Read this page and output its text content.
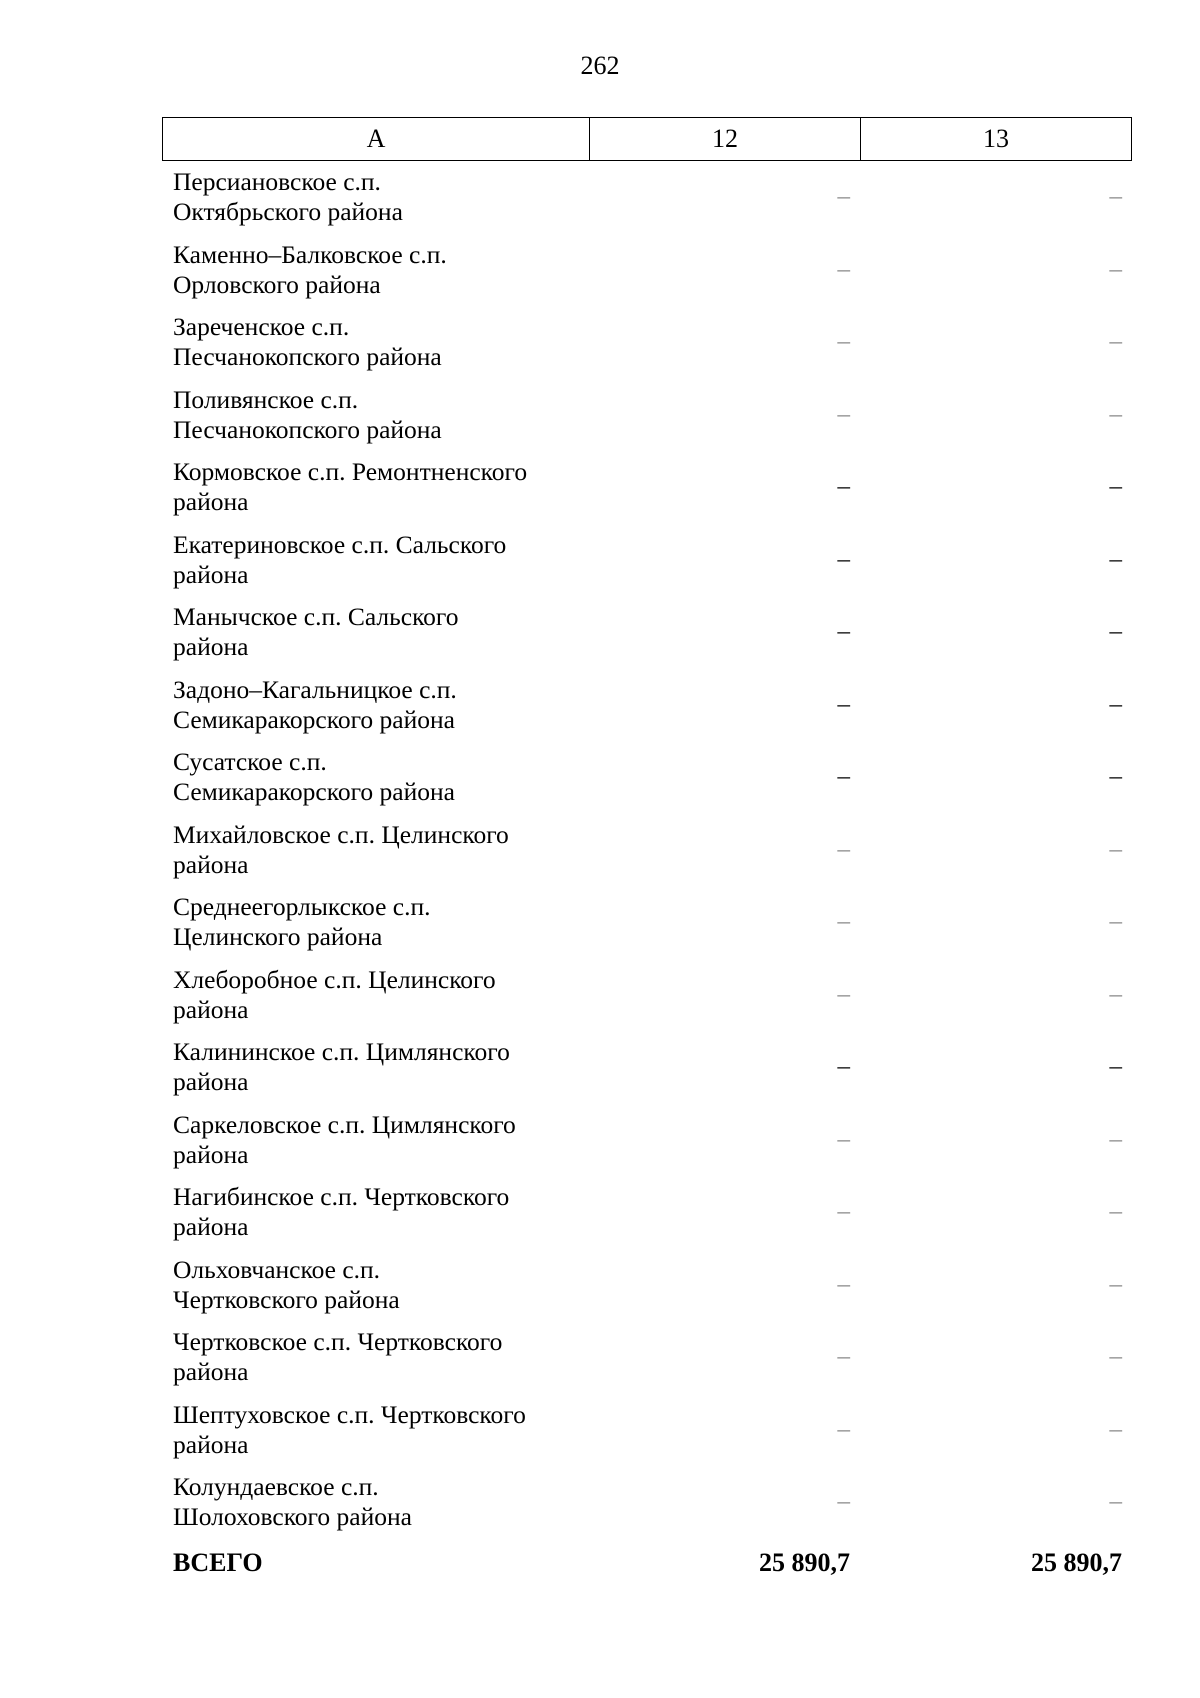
262
А	12	13
Персиановское с.п.
Октябрьского района
–	–
Каменно–Балковское с.п.
Орловского района
–	–
Зареченское с.п.
Песчанокопского района
–	–
Поливянское с.п.
Песчанокопского района
–	–
Кормовское с.п. Ремонтненского
района
–	–
Екатериновское с.п. Сальского
района
–	–
Манычское с.п. Сальского
района
–	–
Задоно–Кагальницкое с.п.
Семикаракорского района
–	–
Сусатское с.п.
Семикаракорского района
–	–
Михайловское с.п. Целинского
района
–	–
Среднеегорлыкское с.п.
Целинского района
–	–
Хлеборобное с.п. Целинского
района
–	–
Калининское с.п. Цимлянского
района
–	–
Саркеловское с.п. Цимлянского
района
–	–
Нагибинское с.п. Чертковского
района
–	–
Ольховчанское с.п.
Чертковского района
–	–
Чертковское с.п. Чертковского
района
–	–
Шептуховское с.п. Чертковского
района
–	–
Колундаевское с.п.
Шолоховского района
–	–
ВСЕГО	25 890,7	25 890,7
